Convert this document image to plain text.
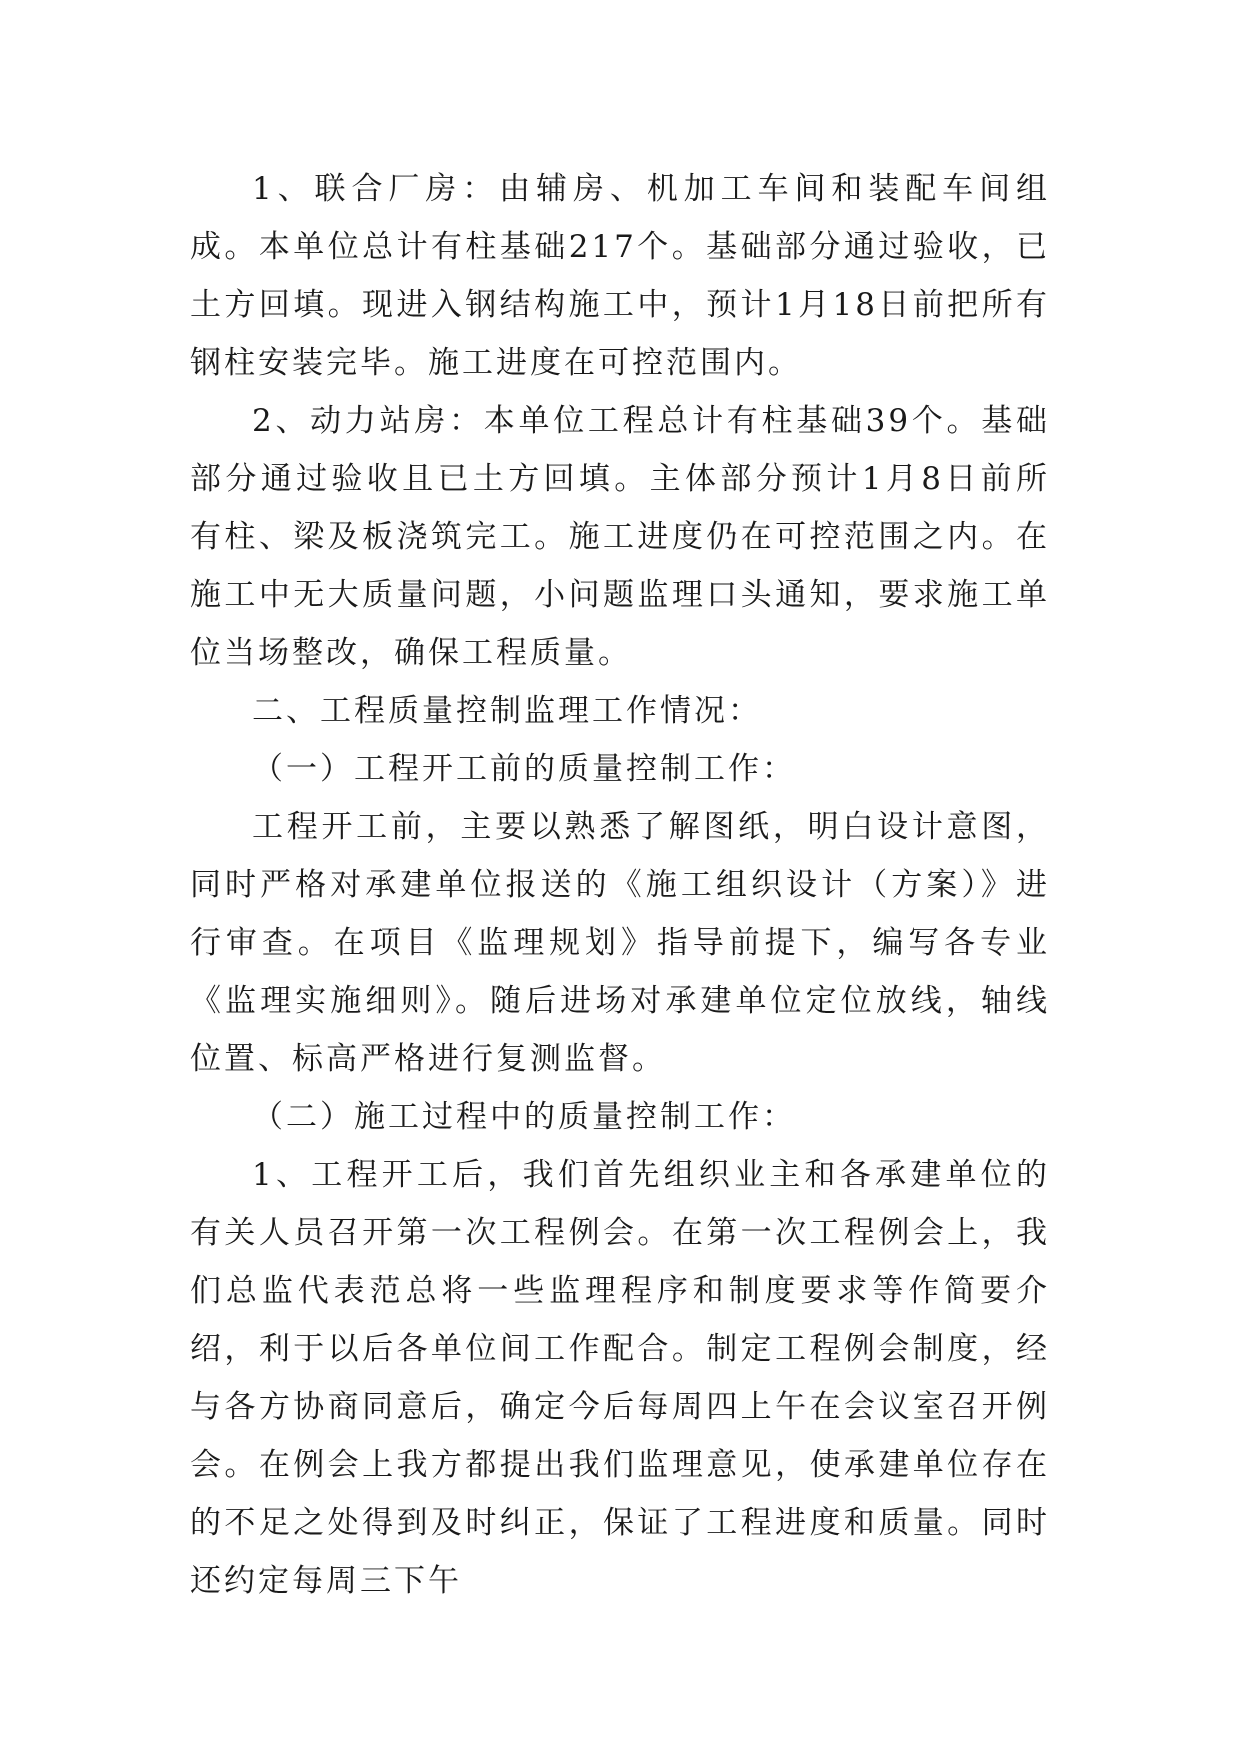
1、联合厂房：由辅房、机加工车间和装配车间组成。本单位总计有柱基础217个。基础部分通过验收，已土方回填。现进入钢结构施工中，预计1月18日前把所有钢柱安装完毕。施工进度在可控范围内。

2、动力站房：本单位工程总计有柱基础39个。基础部分通过验收且已土方回填。主体部分预计1月8日前所有柱、梁及板浇筑完工。施工进度仍在可控范围之内。在施工中无大质量问题，小问题监理口头通知，要求施工单位当场整改，确保工程质量。

二、工程质量控制监理工作情况：

（一）工程开工前的质量控制工作：

工程开工前，主要以熟悉了解图纸，明白设计意图，同时严格对承建单位报送的《施工组织设计（方案）》进行审查。在项目《监理规划》指导前提下，编写各专业《监理实施细则》。随后进场对承建单位定位放线，轴线位置、标高严格进行复测监督。

（二）施工过程中的质量控制工作：

1、工程开工后，我们首先组织业主和各承建单位的有关人员召开第一次工程例会。在第一次工程例会上，我们总监代表范总将一些监理程序和制度要求等作简要介绍，利于以后各单位间工作配合。制定工程例会制度，经与各方协商同意后，确定今后每周四上午在会议室召开例会。在例会上我方都提出我们监理意见，使承建单位存在的不足之处得到及时纠正，保证了工程进度和质量。同时还约定每周三下午
